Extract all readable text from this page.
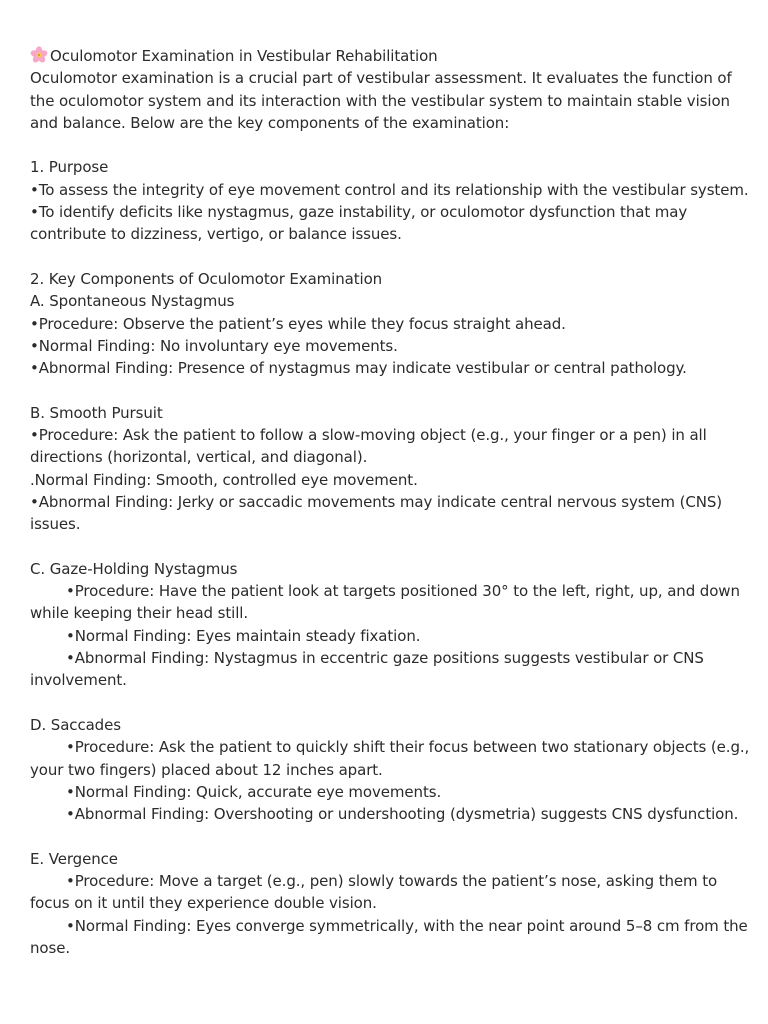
Oculomotor Examination in Vestibular Rehabilitation

Oculomotor examination is a crucial part of vestibular assessment. It evaluates the function of

the oculomotor system and its interaction with the vestibular system to maintain stable vision

and balance. Below are the key components of the examination:

1. Purpose

•To assess the integrity of eye movement control and its relationship with the vestibular system.

•To identify deficits like nystagmus, gaze instability, or oculomotor dysfunction that may

contribute to dizziness, vertigo, or balance issues.

2. Key Components of Oculomotor Examination

A. Spontaneous Nystagmus

•Procedure: Observe the patient’s eyes while they focus straight ahead.

•Normal Finding: No involuntary eye movements.

•Abnormal Finding: Presence of nystagmus may indicate vestibular or central pathology.

B. Smooth Pursuit

•Procedure: Ask the patient to follow a slow-moving object (e.g., your finger or a pen) in all

directions (horizontal, vertical, and diagonal).

.Normal Finding: Smooth, controlled eye movement.

•Abnormal Finding: Jerky or saccadic movements may indicate central nervous system (CNS)

issues.

C. Gaze-Holding Nystagmus

•Procedure: Have the patient look at targets positioned 30° to the left, right, up, and down

while keeping their head still.

•Normal Finding: Eyes maintain steady fixation.

•Abnormal Finding: Nystagmus in eccentric gaze positions suggests vestibular or CNS

involvement.

D. Saccades

•Procedure: Ask the patient to quickly shift their focus between two stationary objects (e.g.,

your two fingers) placed about 12 inches apart.

•Normal Finding: Quick, accurate eye movements.

•Abnormal Finding: Overshooting or undershooting (dysmetria) suggests CNS dysfunction.

E. Vergence

•Procedure: Move a target (e.g., pen) slowly towards the patient’s nose, asking them to

focus on it until they experience double vision.

•Normal Finding: Eyes converge symmetrically, with the near point around 5–8 cm from the

nose.
